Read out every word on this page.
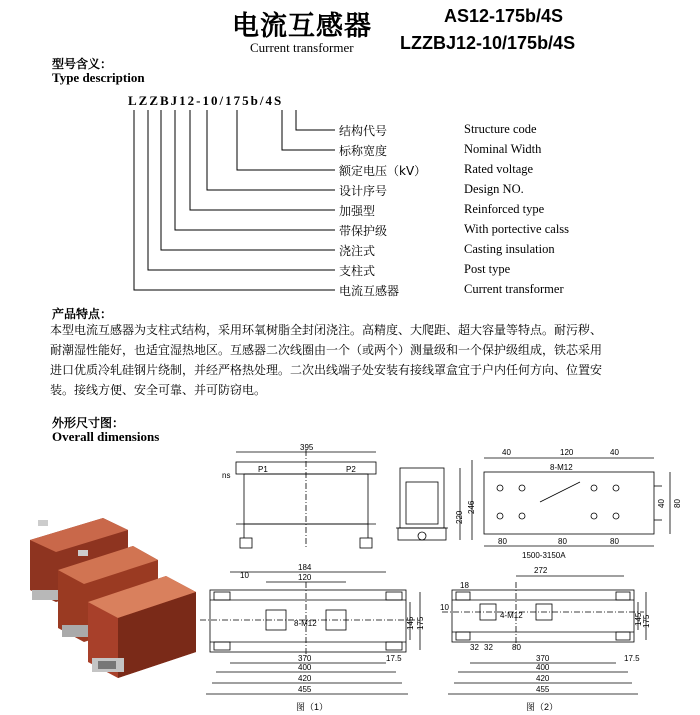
电流互感器
Current transformer
AS12-175b/4S
LZZBJ12-10/175b/4S
型号含义：
Type description
LZZBJ12-10/175b/4S
结构代号	Structure code
标称宽度	Nominal Width
额定电压（kV）	Rated voltage
设计序号	Design NO.
加强型	Reinforced type
带保护级	With portective calss
浇注式	Casting insulation
支柱式	Post type
电流互感器	Current transformer
产品特点：
本型电流互感器为支柱式结构，采用环氧树脂全封闭浇注。高精度、大爬距、超大容量等特点。耐污秽、
耐潮湿性能好，也适宜湿热地区。互感器二次线圈由一个（或两个）测量级和一个保护级组成，铁芯采用
进口优质冷轧硅钢片绕制，并经严格热处理。二次出线端子处安装有接线罩盒宜于户内任何方向、位置安
装。接线方便、安全可靠、并可防窃电。
外形尺寸图：
Overall dimensions
395
P1	P2
ns
220
246
40	120	40
8-M12
80	80	80
40 80
1500-3150A
10
184
120
8-M12
370
400
420
455
17.5
145 175
图（1）
272
18
10
4-M12
32 32 80
370
400
420
455
17.5
145 175
图（2）
